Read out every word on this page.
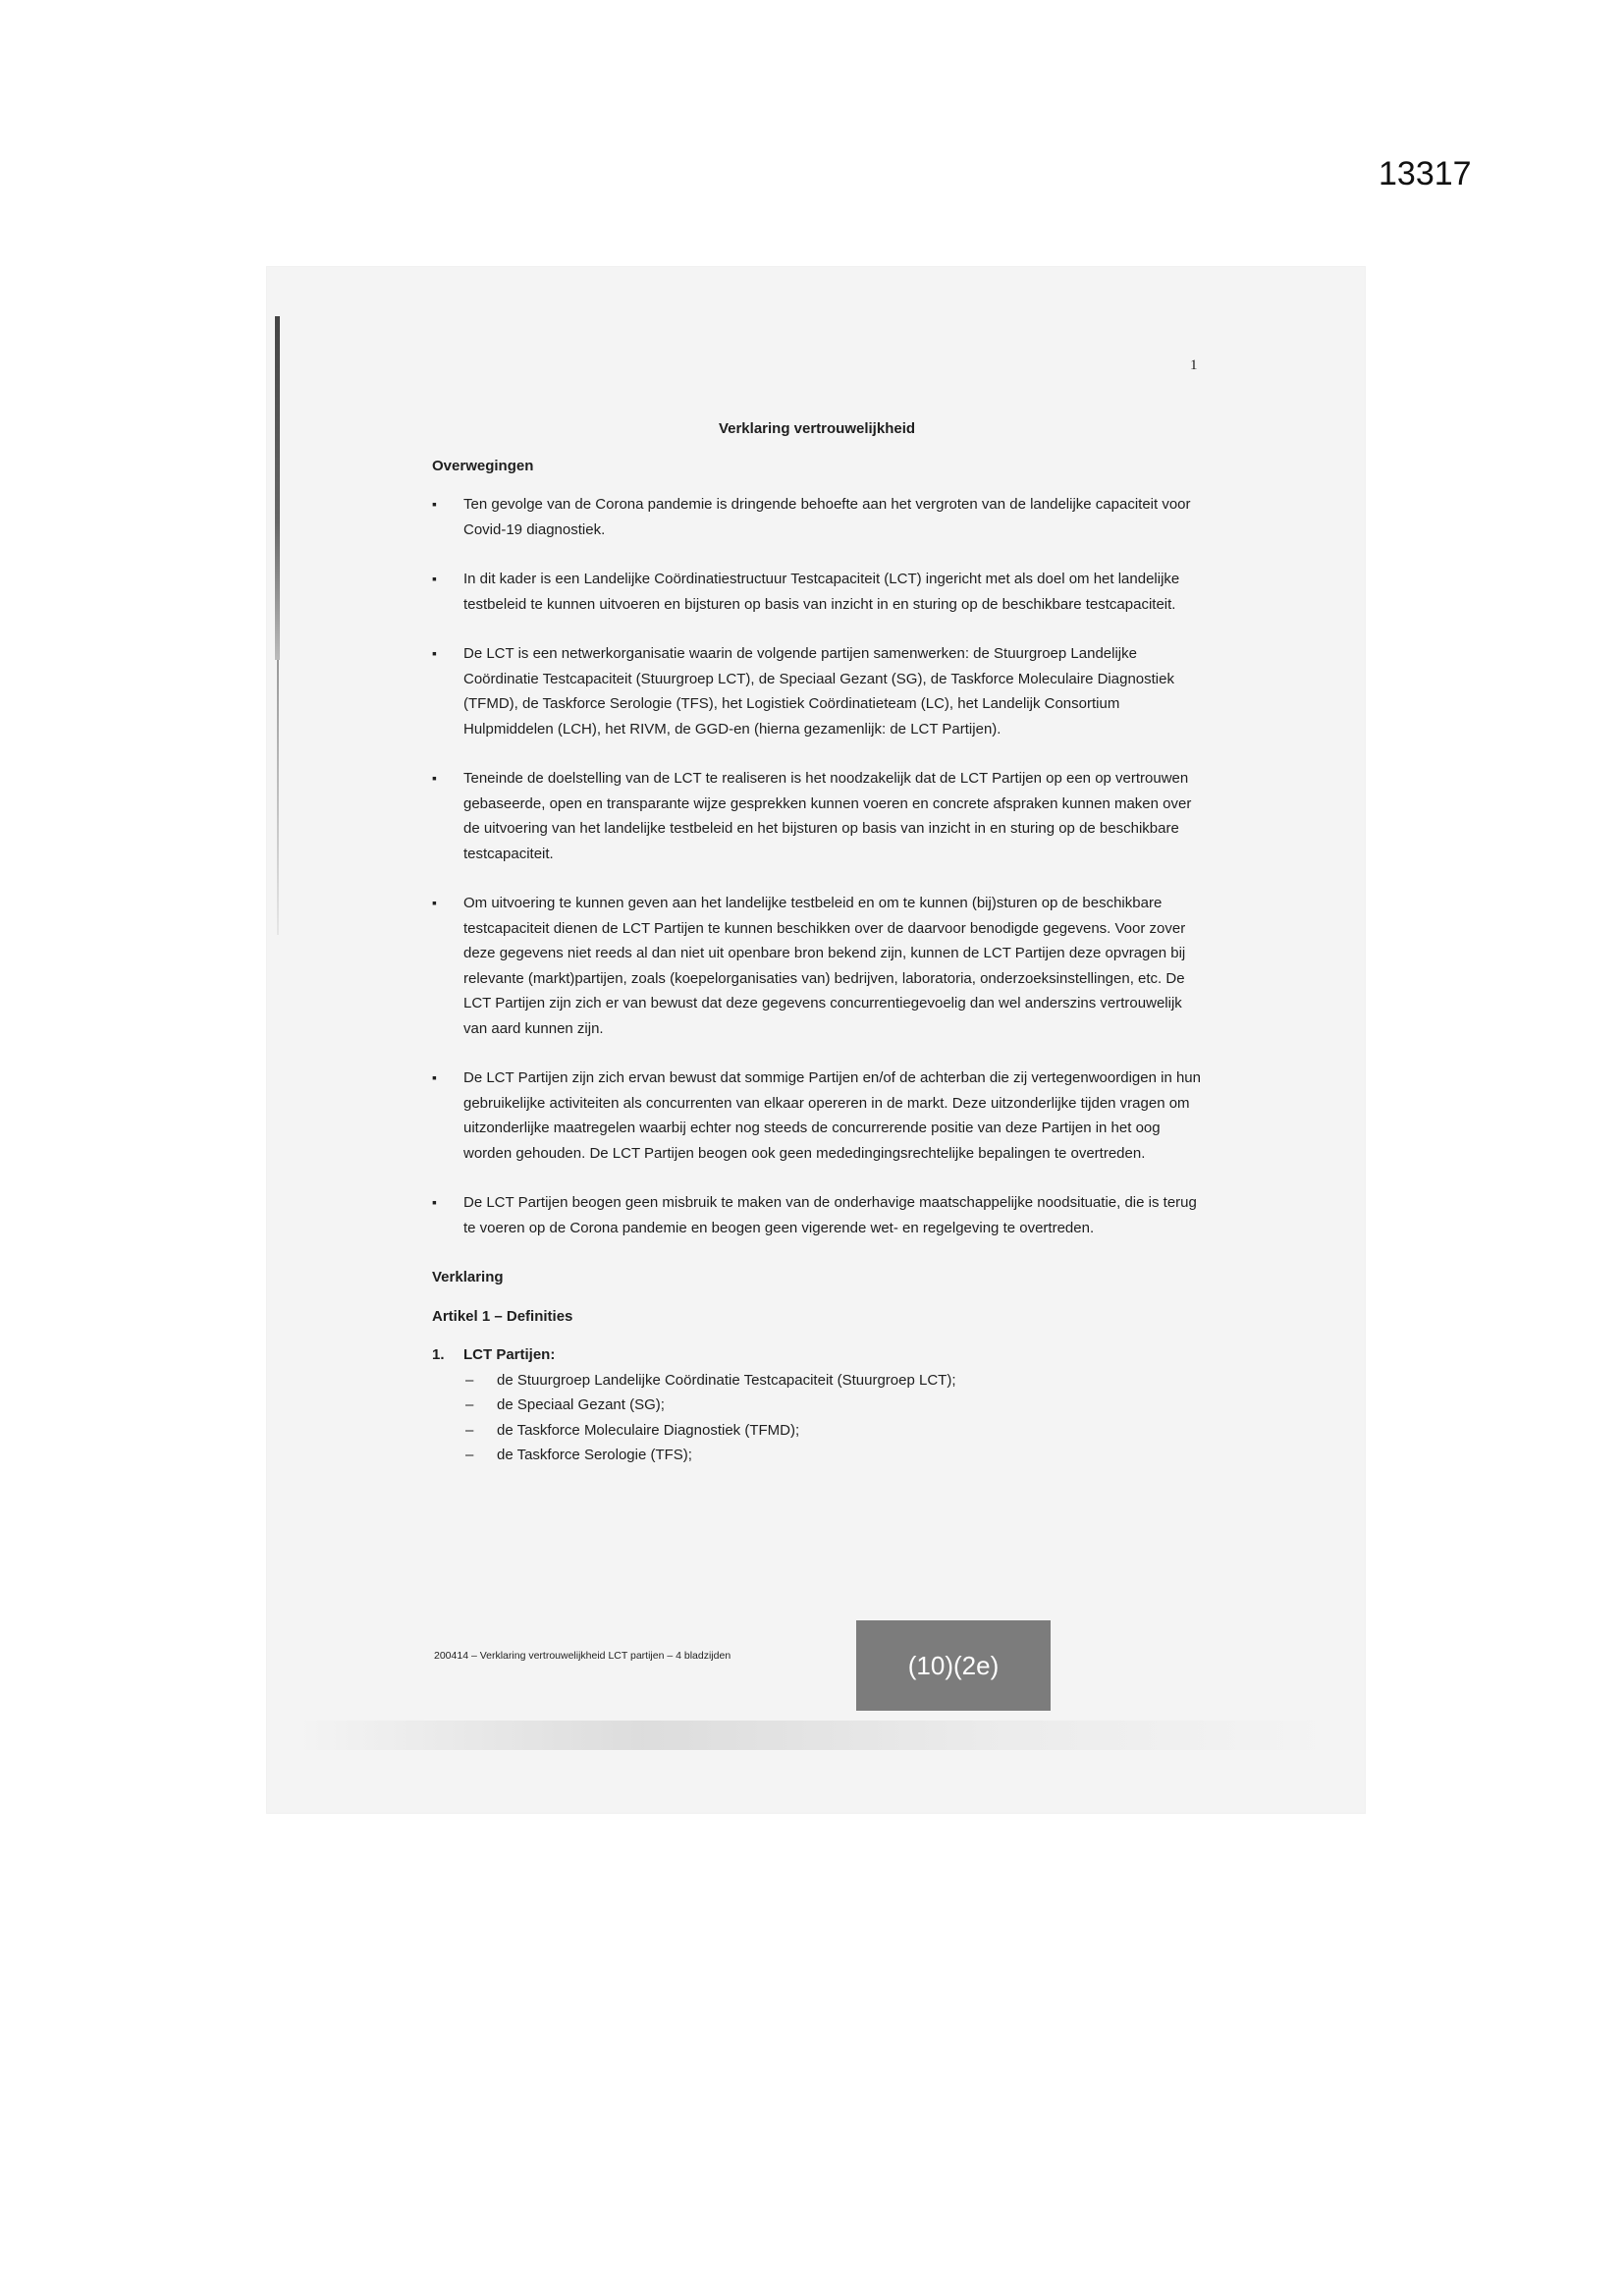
13317
1
Verklaring vertrouwelijkheid
Overwegingen
▪ Ten gevolge van de Corona pandemie is dringende behoefte aan het vergroten van de landelijke capaciteit voor Covid-19 diagnostiek.
▪ In dit kader is een Landelijke Coördinatiestructuur Testcapaciteit (LCT) ingericht met als doel om het landelijke testbeleid te kunnen uitvoeren en bijsturen op basis van inzicht in en sturing op de beschikbare testcapaciteit.
▪ De LCT is een netwerkorganisatie waarin de volgende partijen samenwerken: de Stuurgroep Landelijke Coördinatie Testcapaciteit (Stuurgroep LCT), de Speciaal Gezant (SG), de Taskforce Moleculaire Diagnostiek (TFMD), de Taskforce Serologie (TFS), het Logistiek Coördinatieteam (LC), het Landelijk Consortium Hulpmiddelen (LCH), het RIVM, de GGD-en (hierna gezamenlijk: de LCT Partijen).
▪ Teneinde de doelstelling van de LCT te realiseren is het noodzakelijk dat de LCT Partijen op een op vertrouwen gebaseerde, open en transparante wijze gesprekken kunnen voeren en concrete afspraken kunnen maken over de uitvoering van het landelijke testbeleid en het bijsturen op basis van inzicht in en sturing op de beschikbare testcapaciteit.
▪ Om uitvoering te kunnen geven aan het landelijke testbeleid en om te kunnen (bij)sturen op de beschikbare testcapaciteit dienen de LCT Partijen te kunnen beschikken over de daarvoor benodigde gegevens. Voor zover deze gegevens niet reeds al dan niet uit openbare bron bekend zijn, kunnen de LCT Partijen deze opvragen bij relevante (markt)partijen, zoals (koepelorganisaties van) bedrijven, laboratoria, onderzoeksinstellingen, etc. De LCT Partijen zijn zich er van bewust dat deze gegevens concurrentiegevoelig dan wel anderszins vertrouwelijk van aard kunnen zijn.
▪ De LCT Partijen zijn zich ervan bewust dat sommige Partijen en/of de achterban die zij vertegenwoordigen in hun gebruikelijke activiteiten als concurrenten van elkaar opereren in de markt. Deze uitzonderlijke tijden vragen om uitzonderlijke maatregelen waarbij echter nog steeds de concurrerende positie van deze Partijen in het oog worden gehouden. De LCT Partijen beogen ook geen mededingingsrechtelijke bepalingen te overtreden.
▪ De LCT Partijen beogen geen misbruik te maken van de onderhavige maatschappelijke noodsituatie, die is terug te voeren op de Corona pandemie en beogen geen vigerende wet- en regelgeving te overtreden.
Verklaring
Artikel 1 – Definities
1. LCT Partijen:
– de Stuurgroep Landelijke Coördinatie Testcapaciteit (Stuurgroep LCT);
– de Speciaal Gezant (SG);
– de Taskforce Moleculaire Diagnostiek (TFMD);
– de Taskforce Serologie (TFS);
200414 – Verklaring vertrouwelijkheid LCT partijen – 4 bladzijden	(10)(2e)
